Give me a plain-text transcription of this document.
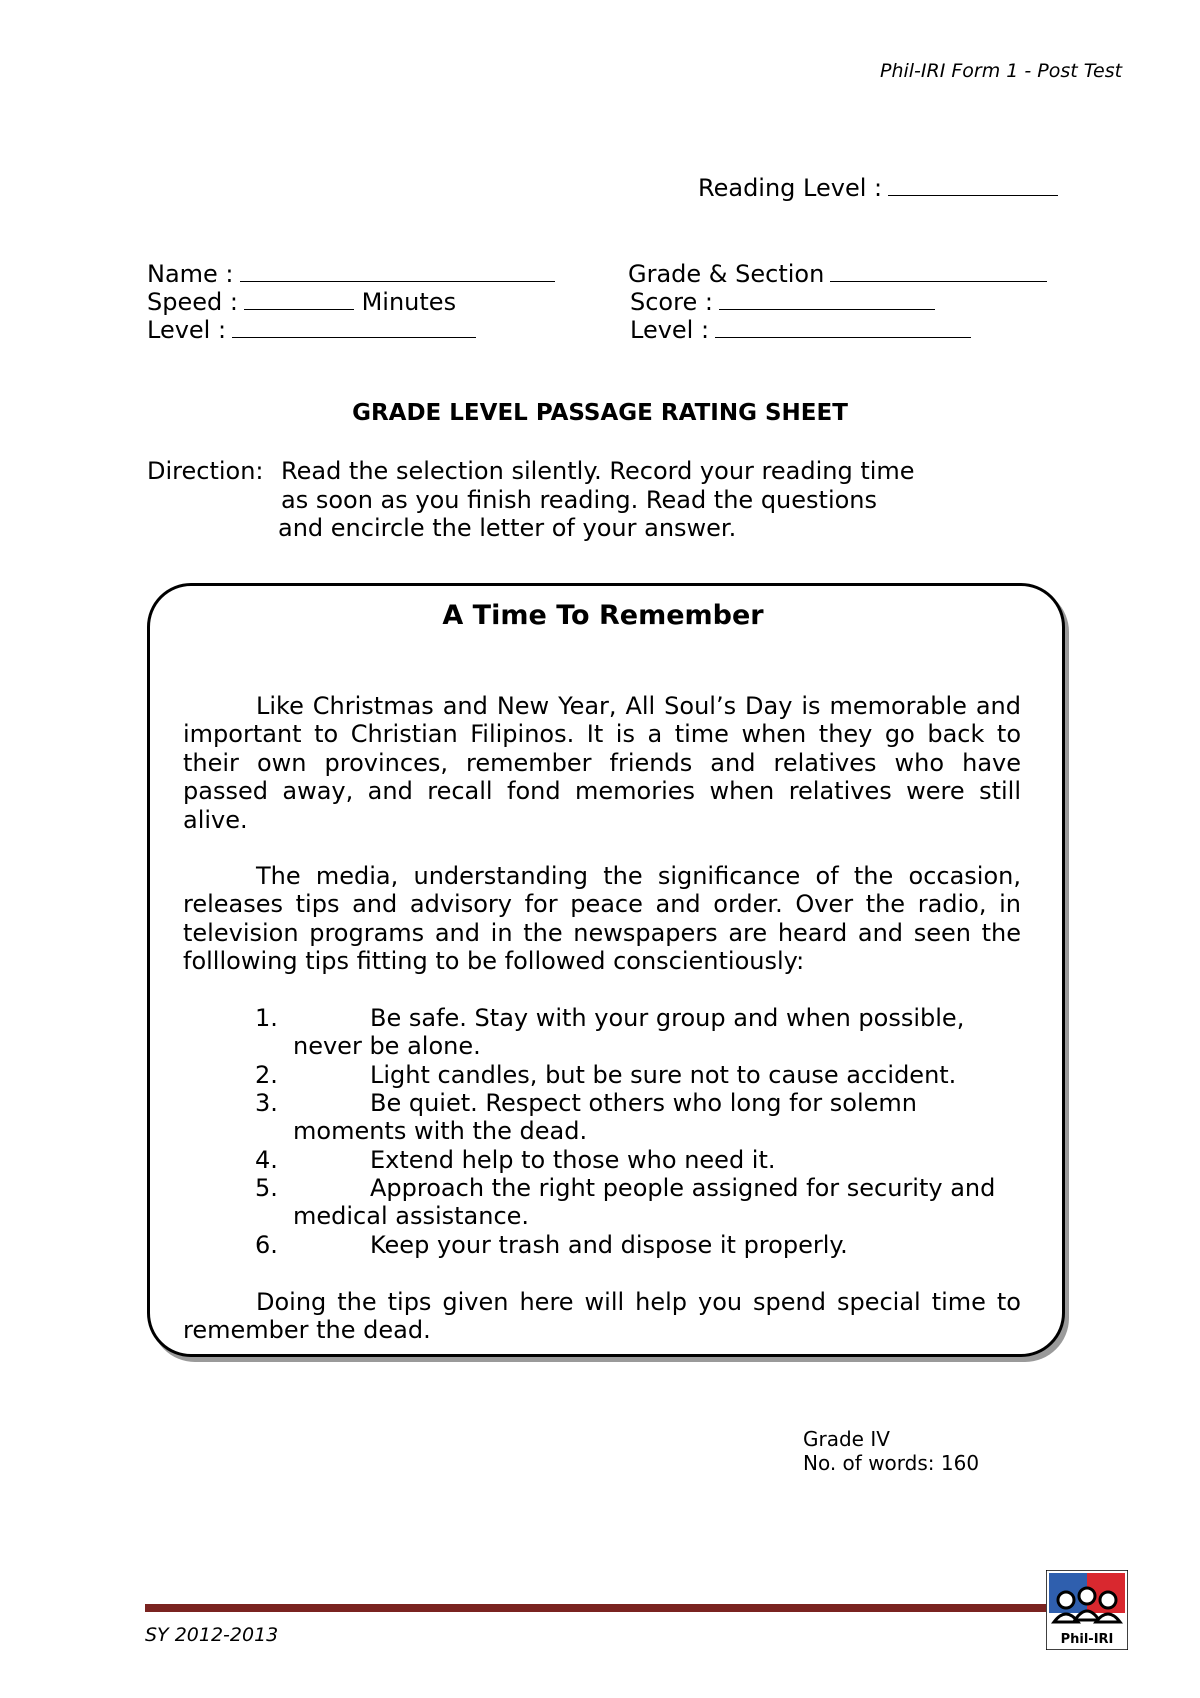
Phil-IRI Form 1 - Post Test
Reading Level :
Name :
Speed :	Minutes
Level :
Grade & Section
Score :
Level :
GRADE LEVEL PASSAGE RATING SHEET
Direction: Read the selection silently. Record your reading time
as soon as you finish reading. Read the questions
and encircle the letter of your answer.
A Time To Remember
Like Christmas and New Year, All Soul’s Day is memorable and important to Christian Filipinos. It is a time when they go back to their own provinces, remember friends and relatives who have passed away, and recall fond memories when relatives were still alive.
The media, understanding the significance of the occasion, releases tips and advisory for peace and order. Over the radio, in television programs and in the newspapers are heard and seen the folllowing tips fitting to be followed conscientiously:
1.	Be safe. Stay with your group and when possible,
never be alone.
2.	Light candles, but be sure not to cause accident.
3.	Be quiet. Respect others who long for solemn
moments with the dead.
4.	Extend help to those who need it.
5.	Approach the right people assigned for security and
medical assistance.
6.	Keep your trash and dispose it properly.
Doing the tips given here will help you spend special time to remember the dead.
Grade IV
No. of words: 160
SY 2012-2013	Phil-IRI
